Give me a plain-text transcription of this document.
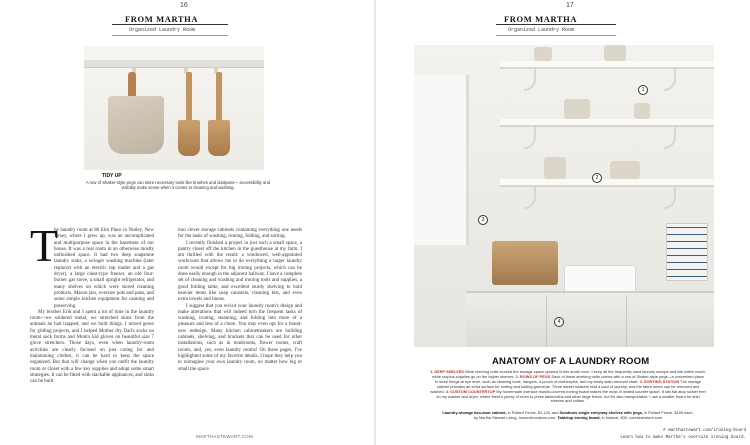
16
FROM MARTHA
Organized Laundry Room
TIDY UP
A row of Shaker-style pegs can store necessary tools like brushes and dustpans— accessibility and visibility make sense when it comes to cleaning and washing.
T

he laundry room at 86 Elm Place in Nutley, New Jersey, where I grew up, was an uncomplicated and multipurpose space in the basement of our house. It was a real room in an otherwise mostly unfinished space. It had two deep soapstone laundry sinks, a wringer washing machine (later replaced with an electric top loader and a gas dryer), a large chest-type freezer, an old four-burner gas stove, a small upright refrigerator, and many shelves on which were stored cleaning products, Mason jars, oversize pots and pans, and some simple kitchen equipment for canning and preserving.

My brother Erik and I spent a lot of time in the laundry room—we soldered metal, we stretched skins from the animals he had trapped, and we built things. I mixed gesso for gilding projects, and I helped Mother dry Dad's socks on metal sock forms and Mom's kid gloves on beautiful size 7 glove stretchers. Those days, even when laundry-room activities are clearly focused on just caring for and maintaining clothes, it can be hard to keep the space organized. But that will change when you outfit the laundry room or closet with a few key supplies and adopt some smart strategies. It can be fitted with stackable appliances, and sinks can be built

into clever storage cabinets containing everything one needs for the tasks of washing, ironing, folding, and sorting.

I recently finished a project in just such a small space, a pantry closet off the kitchen in the guesthouse at my farm. I am thrilled with the result: a windowed, well-appointed workroom that allows me to do everything a larger laundry room would except for big ironing projects, which can be done easily enough in the adjacent hallway. I have a complete set of cleaning and washing and ironing tools and supplies, a good folding table, and excellent sturdy shelving to hold heavier items like soap canisters, cleaning kits, and even extra towels and linens.

I suggest that you revisit your laundry room's design and make alterations that will indeed turn the frequent tasks of washing, ironing, steaming, and folding into more of a pleasure and less of a chore. You may even opt for a brand-new redesign. Many kitchen cabinetmakers are building cabinets, shelving, and brackets that can be used for other installations, such as in mudrooms, flower rooms, craft rooms, and, yes, even laundry rooms! On these pages, I've highlighted some of my favorite details. I hope they help you to reimagine your own laundry room, no matter how big or small the space.

MARTHASTEWART.COM
17
FROM MARTHA
Organized Laundry Room
1
2
3
4
ANATOMY OF A LAUNDRY ROOM
1. DEEP SHELVES Wide shelving units exceed the storage space upward in this small room. I keep all the frequently used laundry scoops and kits within reach, while surplus supplies go on the higher shelves. 2. ROWS OF PEGS Each of these shelving units comes with a row of Shaker-style pegs—a convenient place to store things at eye level, such as cleaning tools, hangers, a pouch of clothespins, and my trusty stain-removal chart. 3. SORTING STATION The storage cabinet provides an extra surface for sorting and folding garments. Three wicker baskets hold a load of laundry, and the fabric liners can be removed and washed. 4. CUSTOM COUNTERTOP My homemade oversize muslin-covered ironing board makes the most of limited counter space. It sits flat atop rubber feet on my washer and dryer, where there's plenty of room to press tablecloths and other large linens, but it's also transportable. I use a smaller board for shirt sleeves and collars.
Laundry-storage two-door cabinet, in Pollard Fence, $1,125, and Solutions single entryway shelves with pegs, in Pollard Fence, $189 each,
by Martha Stewart Living, homedecorators.com. Tabletop ironing board, in Natural, $30, containerstore.com
# marthastewart.com/ironing-board
Learn how to make Martha's oversize ironing board.
